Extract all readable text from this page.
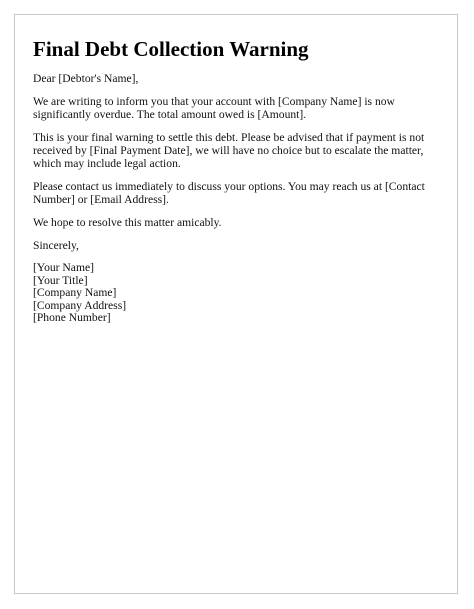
Final Debt Collection Warning

Dear [Debtor's Name],

We are writing to inform you that your account with [Company Name] is now significantly overdue. The total amount owed is [Amount].

This is your final warning to settle this debt. Please be advised that if payment is not received by [Final Payment Date], we will have no choice but to escalate the matter, which may include legal action.

Please contact us immediately to discuss your options. You may reach us at [Contact Number] or [Email Address].

We hope to resolve this matter amicably.

Sincerely,

[Your Name]

[Your Title]

[Company Name]

[Company Address]

[Phone Number]
